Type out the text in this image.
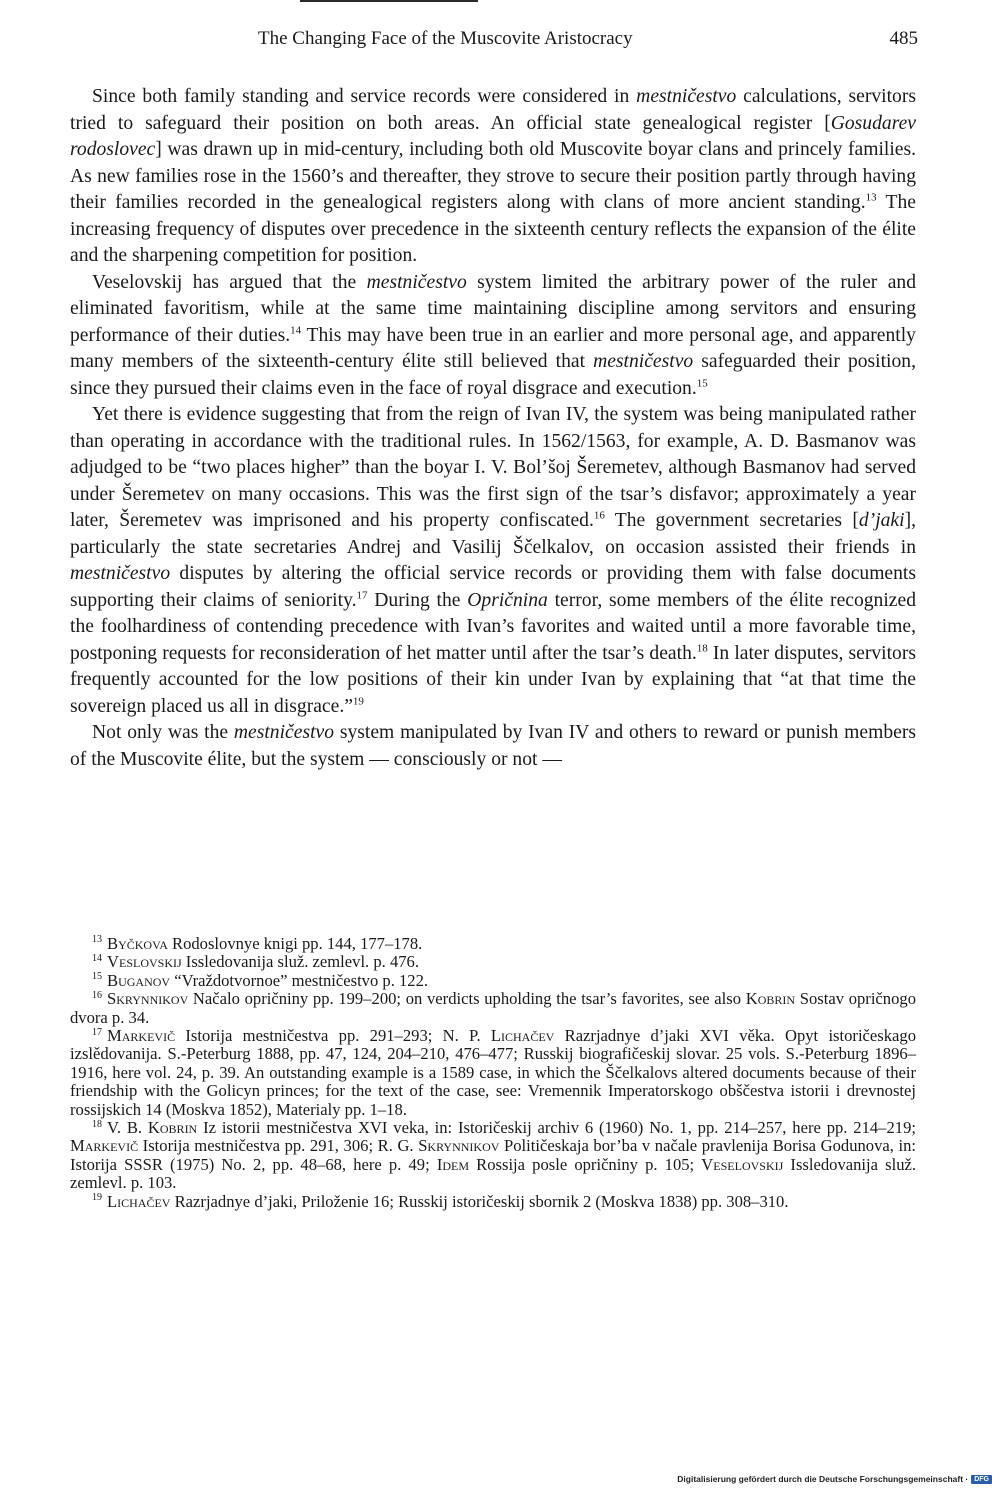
The Changing Face of the Muscovite Aristocracy	485

Since both family standing and service records were considered in mestničestvo calculations, servitors tried to safeguard their position on both areas. An official state genealogical register [Gosudarev rodoslovec] was drawn up in mid-century, including both old Muscovite boyar clans and princely families. As new families rose in the 1560’s and thereafter, they strove to secure their position partly through having their families recorded in the genealogical registers along with clans of more ancient standing.$^{13}$ The increasing frequency of disputes over precedence in the sixteenth century reflects the expansion of the élite and the sharpening competition for position.

Veselovskij has argued that the mestničestvo system limited the arbitrary power of the ruler and eliminated favoritism, while at the same time maintaining discipline among servitors and ensuring performance of their duties.$^{14}$ This may have been true in an earlier and more personal age, and apparently many members of the sixteenth-century élite still believed that mestničestvo safeguarded their position, since they pursued their claims even in the face of royal disgrace and execution.$^{15}$

Yet there is evidence suggesting that from the reign of Ivan IV, the system was being manipulated rather than operating in accordance with the traditional rules. In 1562/1563, for example, A. D. Basmanov was adjudged to be “two places higher” than the boyar I. V. Bol’šoj Šeremetev, although Basmanov had served under Šeremetev on many occasions. This was the first sign of the tsar’s disfavor; approximately a year later, Šeremetev was imprisoned and his property confiscated.$^{16}$ The government secretaries [d’jaki], particularly the state secretaries Andrej and Vasilij Ščelkalov, on occasion assisted their friends in mestničestvo disputes by altering the official service records or providing them with false documents supporting their claims of seniority.$^{17}$ During the Opričnina terror, some members of the élite recognized the foolhardiness of contending precedence with Ivan’s favorites and waited until a more favorable time, postponing requests for reconsideration of het matter until after the tsar’s death.$^{18}$ In later disputes, servitors frequently accounted for the low positions of their kin under Ivan by explaining that “at that time the sovereign placed us all in disgrace.”$^{19}$

Not only was the mestničestvo system manipulated by Ivan IV and others to reward or punish members of the Muscovite élite, but the system — consciously or not —

$^{13}$ Byčkova Rodoslovnye knigi pp. 144, 177–178.

$^{14}$ Veslovskij Issledovanija služ. zemlevl. p. 476.

$^{15}$ Buganov “Vraždotvornoe” mestničestvo p. 122.

$^{16}$ Skrynnikov Načalo opričniny pp. 199–200; on verdicts upholding the tsar’s favorites, see also Kobrin Sostav opričnogo dvora p. 34.

$^{17}$ Markevič Istorija mestničestva pp. 291–293; N. P. Lichačev Razrjadnye d’jaki XVI věka. Opyt istoričeskago izslědovanija. S.-Peterburg 1888, pp. 47, 124, 204–210, 476–477; Russkij biografičeskij slovar. 25 vols. S.-Peterburg 1896–1916, here vol. 24, p. 39. An outstanding example is a 1589 case, in which the Ščelkalovs altered documents because of their friendship with the Golicyn princes; for the text of the case, see: Vremennik Imperatorskogo obščestva istorii i drevnostej rossijskich 14 (Moskva 1852), Materialy pp. 1–18.

$^{18}$ V. B. Kobrin Iz istorii mestničestva XVI veka, in: Istoričeskij archiv 6 (1960) No. 1, pp. 214–257, here pp. 214–219; Markevič Istorija mestničestva pp. 291, 306; R. G. Skrynnikov Političeskaja bor’ba v načale pravlenija Borisa Godunova, in: Istorija SSSR (1975) No. 2, pp. 48–68, here p. 49; Idem Rossija posle opričniny p. 105; Veselovskij Issledovanija služ. zemlevl. p. 103.

$^{19}$ Lichačev Razrjadnye d’jaki, Priloženie 16; Russkij istoričeskij sbornik 2 (Moskva 1838) pp. 308–310.

Digitalisierung gefördert durch die Deutsche Forschungsgemeinschaft · DFG
